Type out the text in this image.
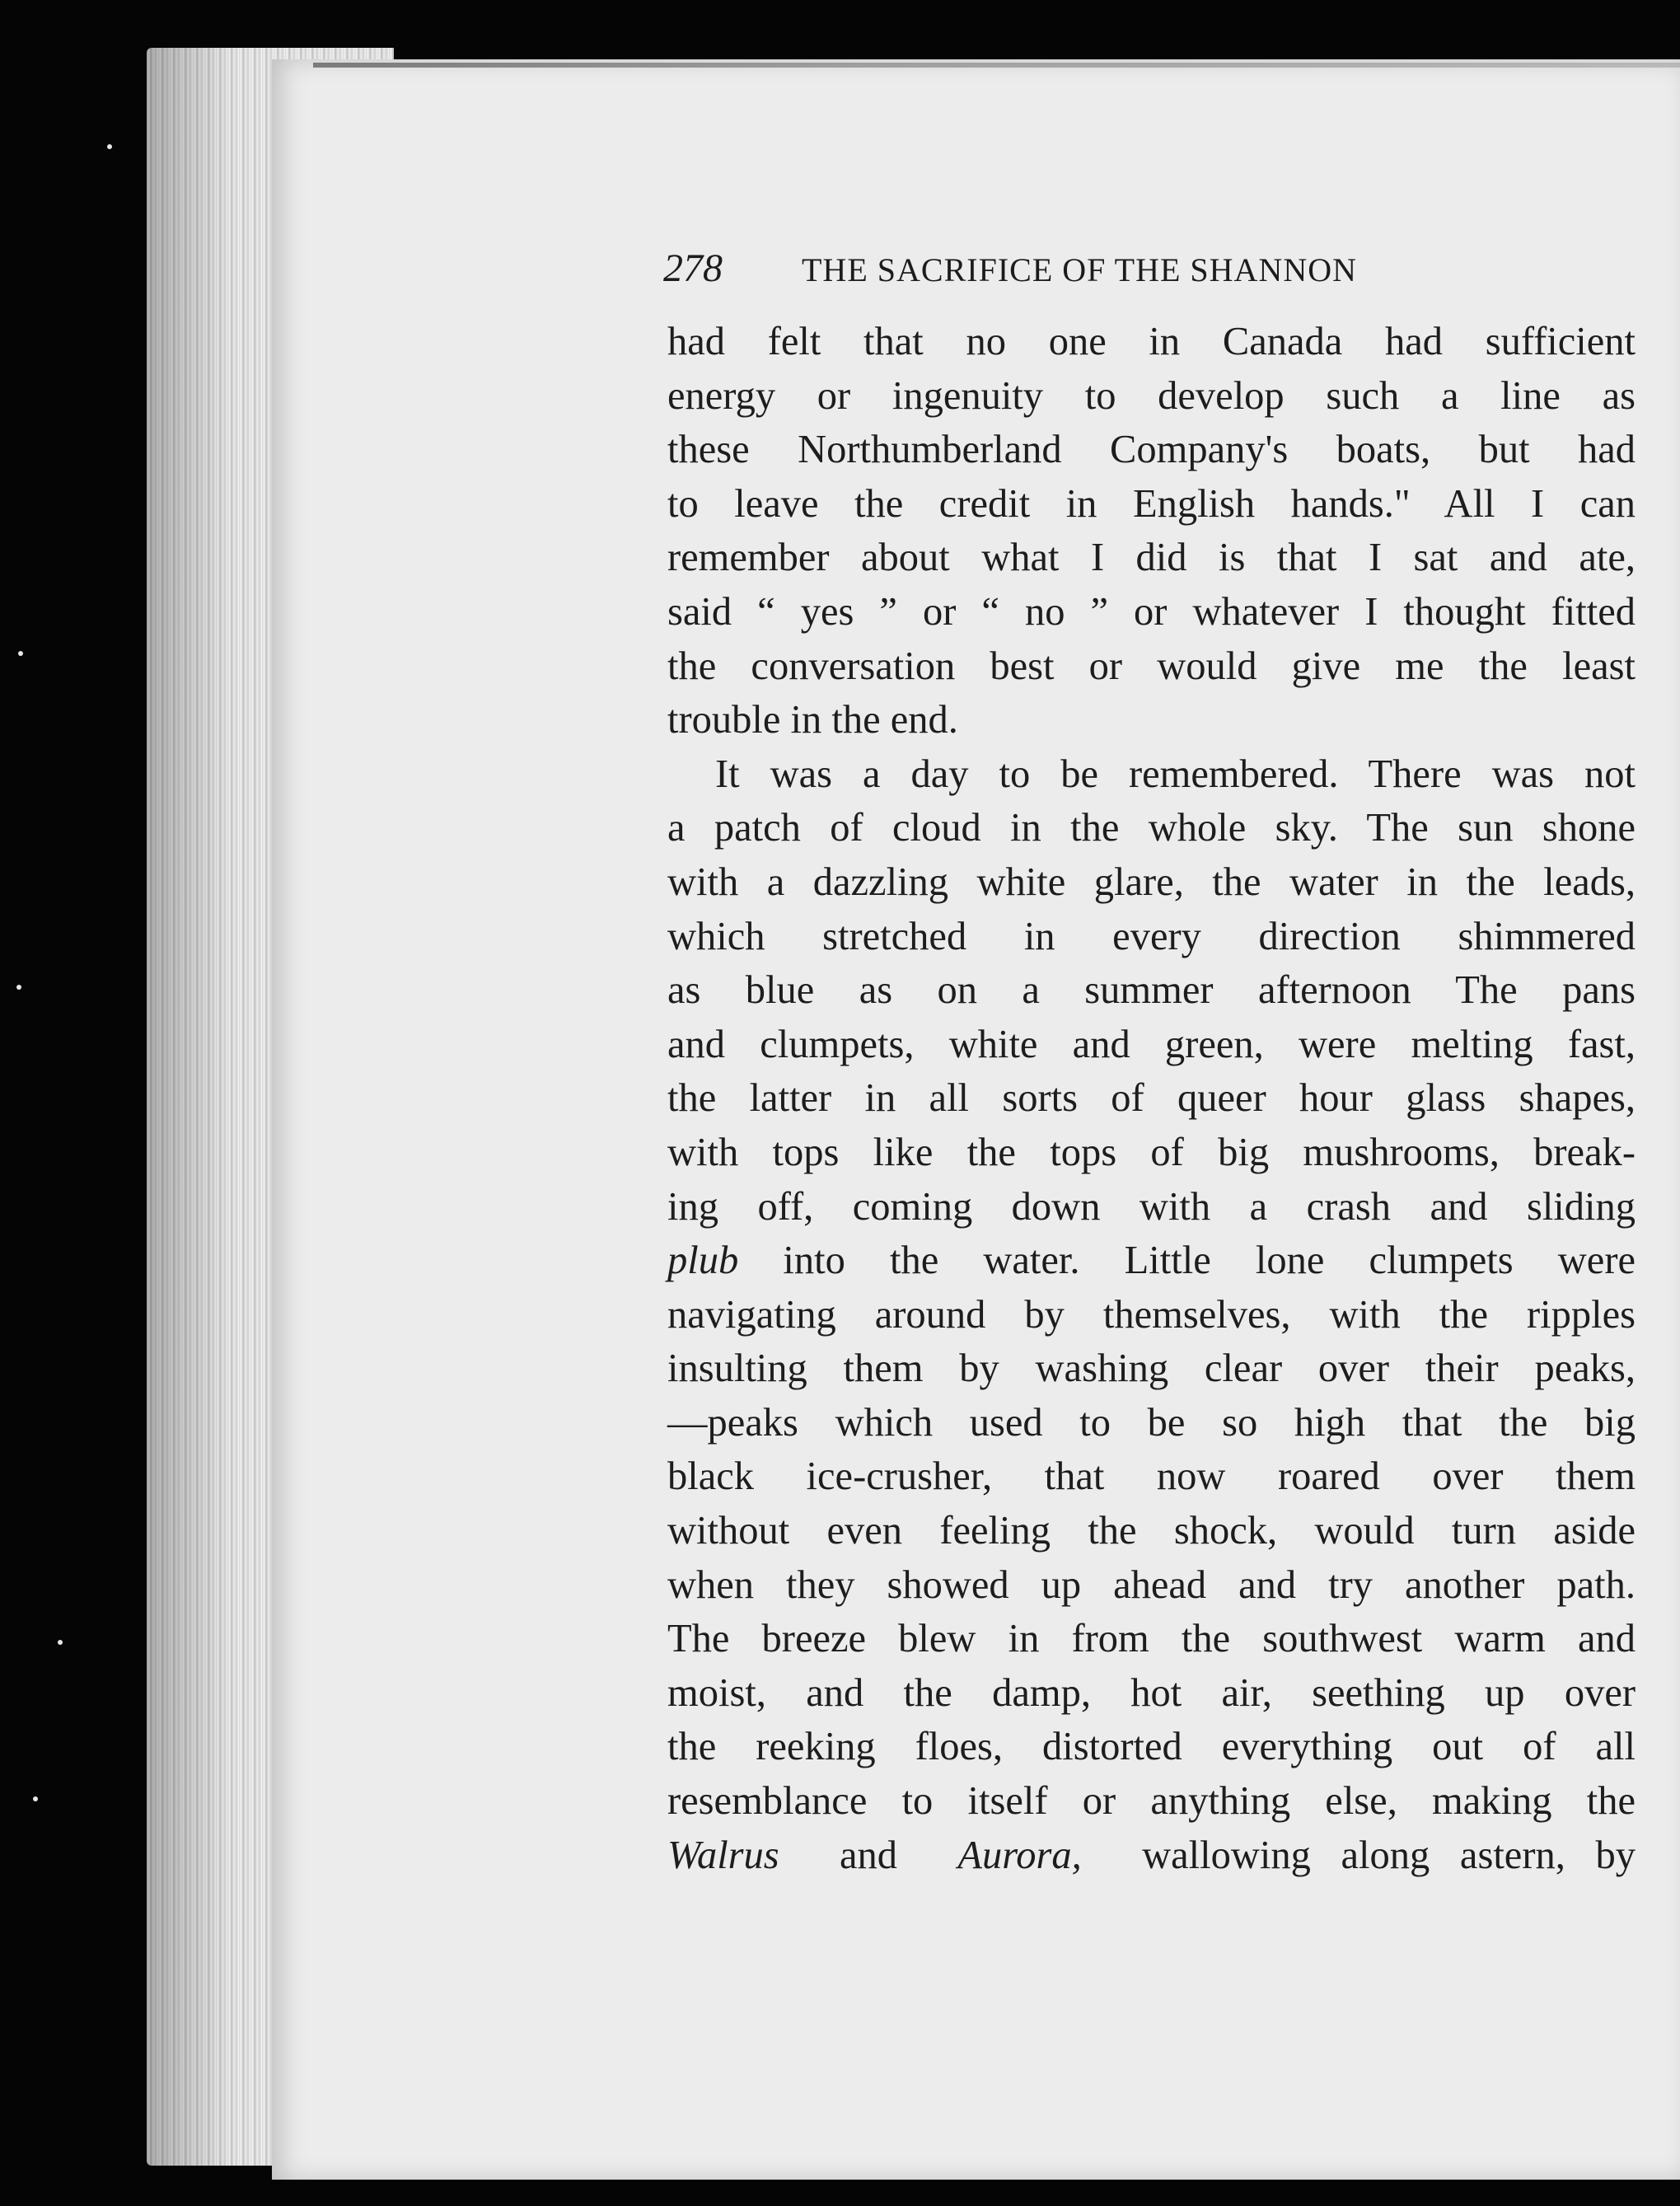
278 THE SACRIFICE OF THE SHANNON
had felt that no one in Canada had sufficient
energy or ingenuity to develop such a line as
these Northumberland Company's boats, but had
to leave the credit in English hands." All I can
remember about what I did is that I sat and ate,
said “ yes ” or “ no ” or whatever I thought fitted
the conversation best or would give me the least
trouble in the end.
It was a day to be remembered. There was not
a patch of cloud in the whole sky. The sun shone
with a dazzling white glare, the water in the leads,
which stretched in every direction shimmered
as blue as on a summer afternoon The pans
and clumpets, white and green, were melting fast,
the latter in all sorts of queer hour glass shapes,
with tops like the tops of big mushrooms, break-
ing off, coming down with a crash and sliding
plub into the water. Little lone clumpets were
navigating around by themselves, with the ripples
insulting them by washing clear over their peaks,
—peaks which used to be so high that the big
black ice-crusher, that now roared over them
without even feeling the shock, would turn aside
when they showed up ahead and try another path.
The breeze blew in from the southwest warm and
moist, and the damp, hot air, seething up over
the reeking floes, distorted everything out of all
resemblance to itself or anything else, making the
Walrus and Aurora, wallowing along astern, by
